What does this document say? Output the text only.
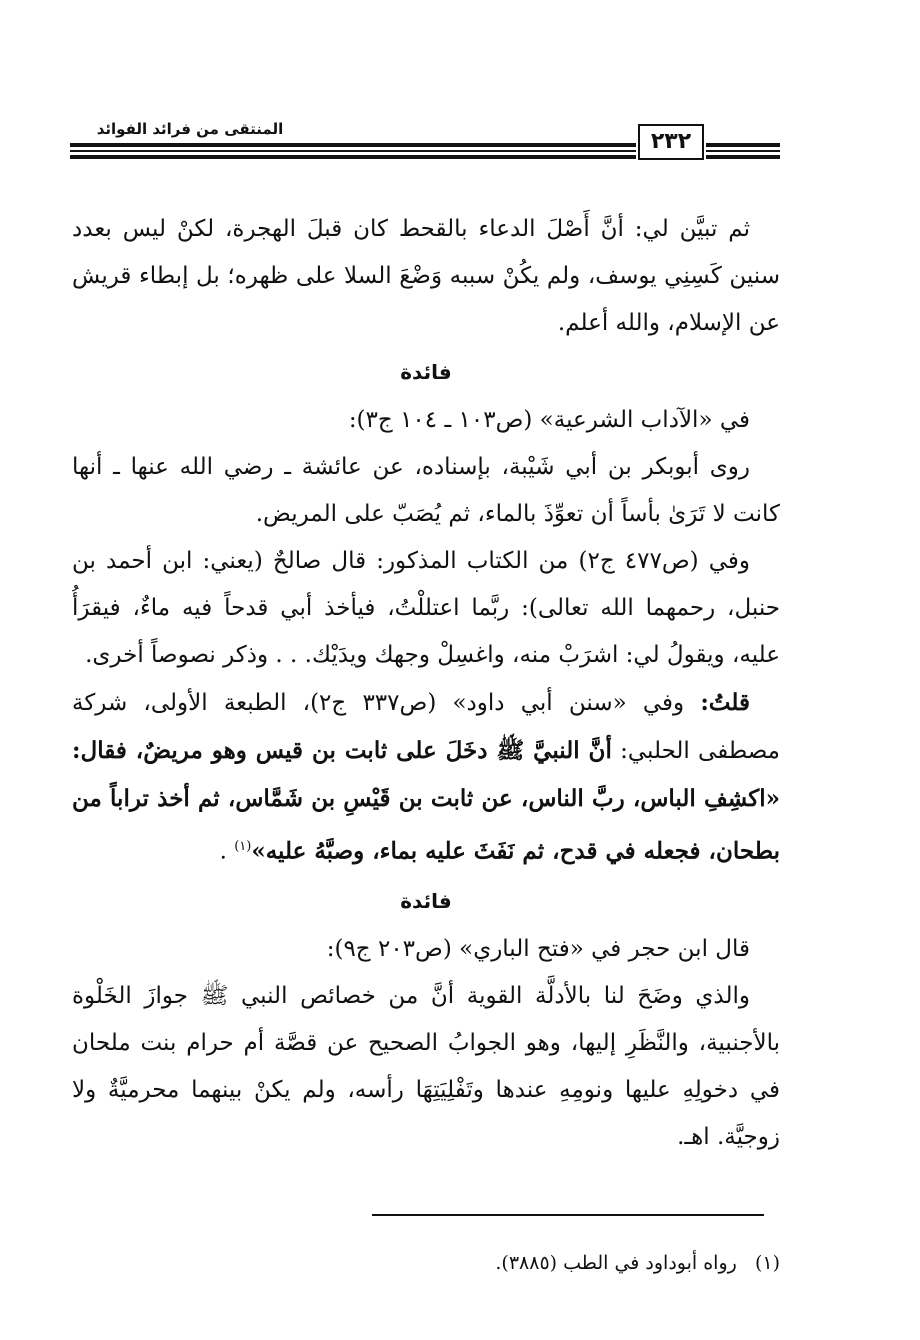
المنتقى من فرائد الفوائد	٢٣٢

ثم تبيَّن لي: أنَّ أَصْلَ الدعاء بالقحط كان قبلَ الهجرة، لكنْ ليس بعدد سنين كَسِنِي يوسف، ولم يكُنْ سببه وَضْعَ السلا على ظهره؛ بل إبطاء قريش عن الإسلام، والله أعلم.

فائدة

في «الآداب الشرعية» (ص١٠٣ ـ ١٠٤ ج٣):

روى أبوبكر بن أبي شَيْبة، بإسناده، عن عائشة ـ رضي الله عنها ـ أنها كانت لا تَرَىٰ بأساً أن تعوِّذَ بالماء، ثم يُصَبّ على المريض.

وفي (ص٤٧٧ ج٢) من الكتاب المذكور: قال صالحٌ (يعني: ابن أحمد بن حنبل، رحمهما الله تعالى): ربَّما اعتللْتُ، فيأخذ أبي قدحاً فيه ماءٌ، فيقرَأُ عليه، ويقولُ لي: اشرَبْ منه، واغسِلْ وجهك ويدَيْك. . . وذكر نصوصاً أخرى.

قلتُ: وفي «سنن أبي داود» (ص٣٣٧ ج٢)، الطبعة الأولى، شركة مصطفى الحلبي: أنَّ النبيَّ ﷺ دخَلَ على ثابت بن قيس وهو مريضٌ، فقال: «اكشِفِ الباس، ربَّ الناس، عن ثابت بن قَيْسِ بن شَمَّاس، ثم أخذ تراباً من بطحان، فجعله في قدح، ثم نَفَثَ عليه بماء، وصبَّهُ عليه»$^{(١)}$ .

فائدة

قال ابن حجر في «فتح الباري» (ص٢٠٣ ج٩):

والذي وضَحَ لنا بالأدلَّة القوية أنَّ من خصائص النبي ﷺ جوازَ الخَلْوة بالأجنبية، والنَّظَرِ إليها، وهو الجوابُ الصحيح عن قصَّة أم حرام بنت ملحان في دخولِهِ عليها ونومِهِ عندها وتَفْلِيَتِهَا رأسه، ولم يكنْ بينهما محرميَّةٌ ولا زوجيَّة. اهـ.

(١)   رواه أبوداود في الطب (٣٨٨٥).
